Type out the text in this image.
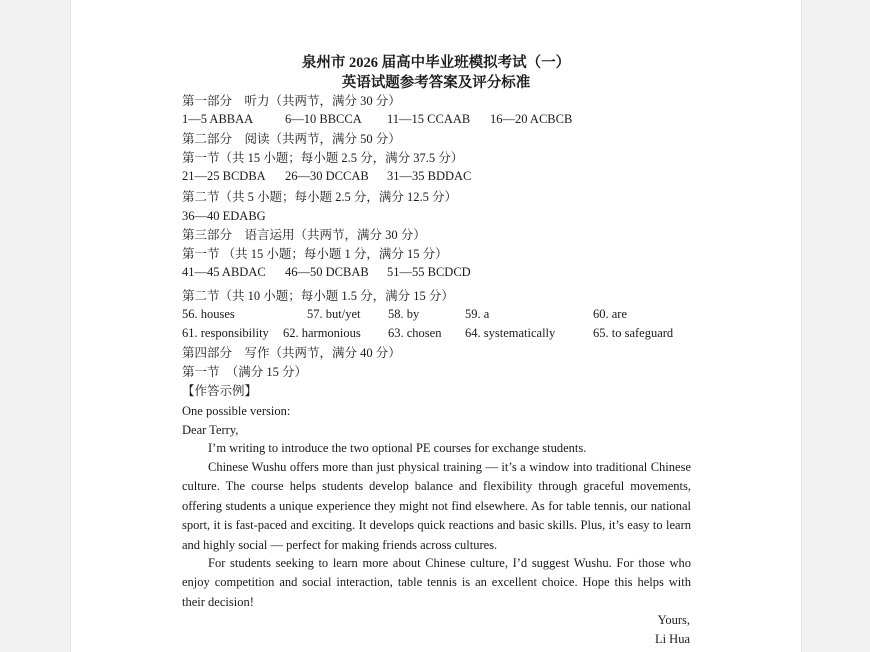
泉州市 2026 届高中毕业班模拟考试（一）
英语试题参考答案及评分标准
第一部分　听力（共两节，满分 30 分）
1—5 ABBAA	6—10 BBCCA 11—15 CCAAB 16—20 ACBCB
第二部分　阅读（共两节，满分 50 分）
第一节（共 15 小题；每小题 2.5 分，满分 37.5 分）
21—25 BCDBA 26—30 DCCAB 31—35 BDDAC
第二节（共 5 小题；每小题 2.5 分，满分 12.5 分）
36—40 EDABG
第三部分　语言运用（共两节，满分 30 分）
第一节 （共 15 小题；每小题 1 分，满分 15 分）
41—45 ABDAC 46—50 DCBAB 51—55 BCDCD
第二节（共 10 小题；每小题 1.5 分，满分 15 分）
56. houses	57. but/yet 58. by	59. a	60. are
61. responsibility 62. harmonious 63. chosen 64. systematically	65. to safeguard
第四部分　写作（共两节，满分 40 分）
第一节　（满分 15 分）
【作答示例】
One possible version:
Dear Terry,
I’m writing to introduce the two optional PE courses for exchange students.
Chinese Wushu offers more than just physical training — it’s a window into traditional Chinese culture. The course helps students develop balance and flexibility through graceful movements, offering students a unique experience they might not find elsewhere. As for table tennis, our national sport, it is fast-paced and exciting. It develops quick reactions and basic skills. Plus, it’s easy to learn and highly social — perfect for making friends across cultures.
For students seeking to learn more about Chinese culture, I’d suggest Wushu. For those who enjoy competition and social interaction, table tennis is an excellent choice. Hope this helps with their decision!
Yours,
Li Hua
